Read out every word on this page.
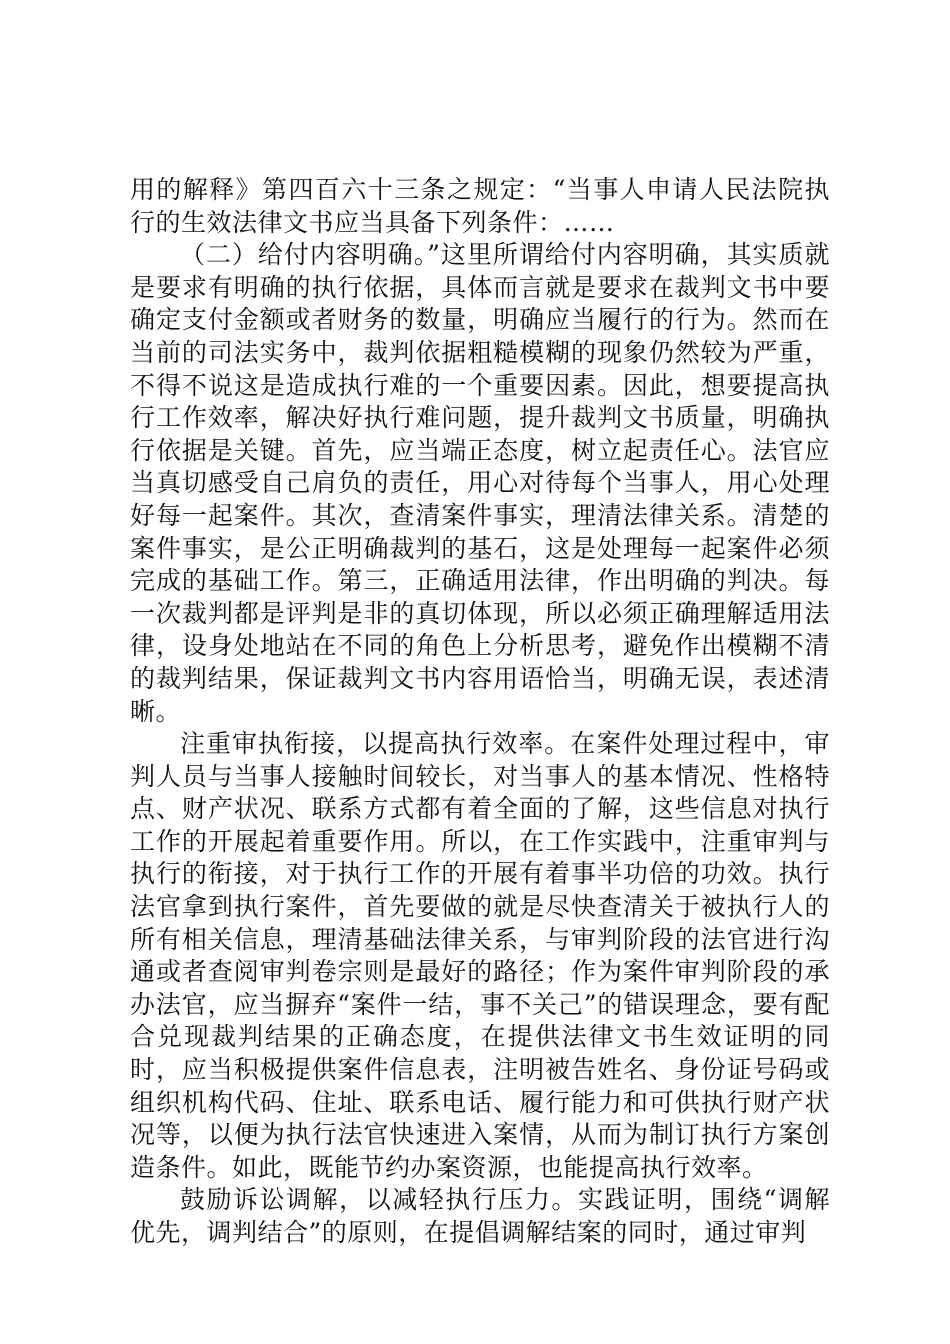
用的解释》第四百六十三条之规定：“当事人申请人民法院执行的生效法律文书应当具备下列条件：……

（二）给付内容明确。”这里所谓给付内容明确，其实质就是要求有明确的执行依据，具体而言就是要求在裁判文书中要确定支付金额或者财务的数量，明确应当履行的行为。然而在当前的司法实务中，裁判依据粗糙模糊的现象仍然较为严重，不得不说这是造成执行难的一个重要因素。因此，想要提高执行工作效率，解决好执行难问题，提升裁判文书质量，明确执行依据是关键。首先，应当端正态度，树立起责任心。法官应当真切感受自己肩负的责任，用心对待每个当事人，用心处理好每一起案件。其次，查清案件事实，理清法律关系。清楚的案件事实，是公正明确裁判的基石，这是处理每一起案件必须完成的基础工作。第三，正确适用法律，作出明确的判决。每一次裁判都是评判是非的真切体现，所以必须正确理解适用法律，设身处地站在不同的角色上分析思考，避免作出模糊不清的裁判结果，保证裁判文书内容用语恰当，明确无误，表述清晰。

注重审执衔接，以提高执行效率。在案件处理过程中，审判人员与当事人接触时间较长，对当事人的基本情况、性格特点、财产状况、联系方式都有着全面的了解，这些信息对执行工作的开展起着重要作用。所以，在工作实践中，注重审判与执行的衔接，对于执行工作的开展有着事半功倍的功效。执行法官拿到执行案件，首先要做的就是尽快查清关于被执行人的所有相关信息，理清基础法律关系，与审判阶段的法官进行沟通或者查阅审判卷宗则是最好的路径；作为案件审判阶段的承办法官，应当摒弃“案件一结，事不关己”的错误理念，要有配合兑现裁判结果的正确态度，在提供法律文书生效证明的同时，应当积极提供案件信息表，注明被告姓名、身份证号码或组织机构代码、住址、联系电话、履行能力和可供执行财产状况等，以便为执行法官快速进入案情，从而为制订执行方案创造条件。如此，既能节约办案资源，也能提高执行效率。

鼓励诉讼调解，以减轻执行压力。实践证明，围绕“调解优先，调判结合”的原则，在提倡调解结案的同时，通过审判
